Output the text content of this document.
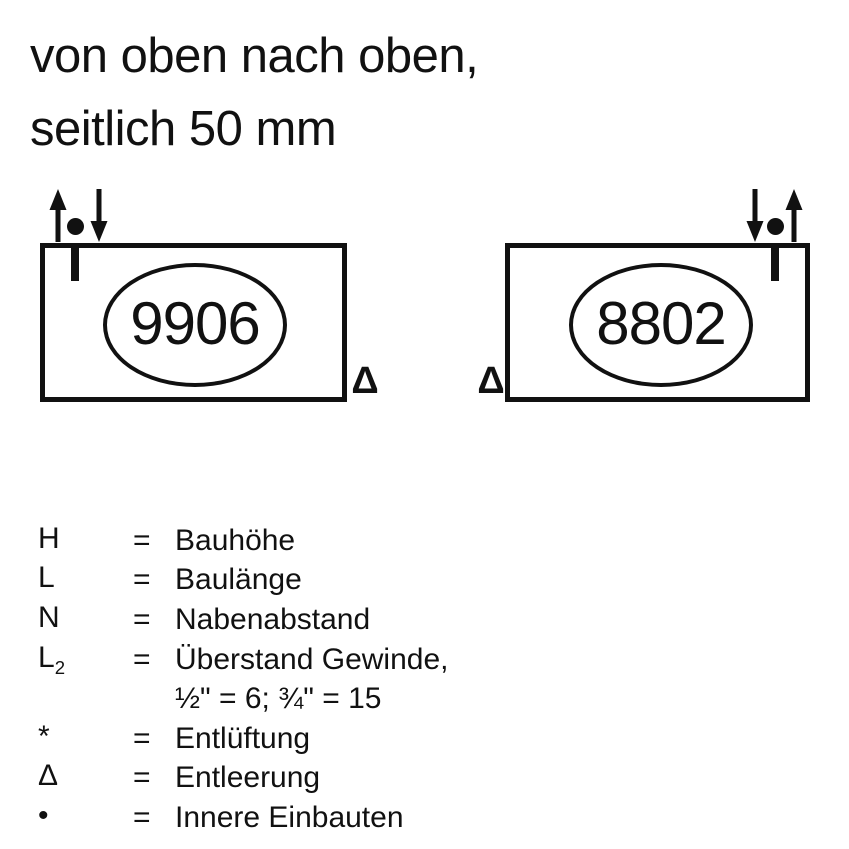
von oben nach oben,
seitlich 50 mm
9906
Δ
8802
Δ
H	= Bauhöhe
L	= Baulänge
N	= Nabenabstand
$L_2$	= Überstand Gewinde,
½" = 6; ¾" = 15
*	= Entlüftung
Δ	= Entleerung
•	= Innere Einbauten
